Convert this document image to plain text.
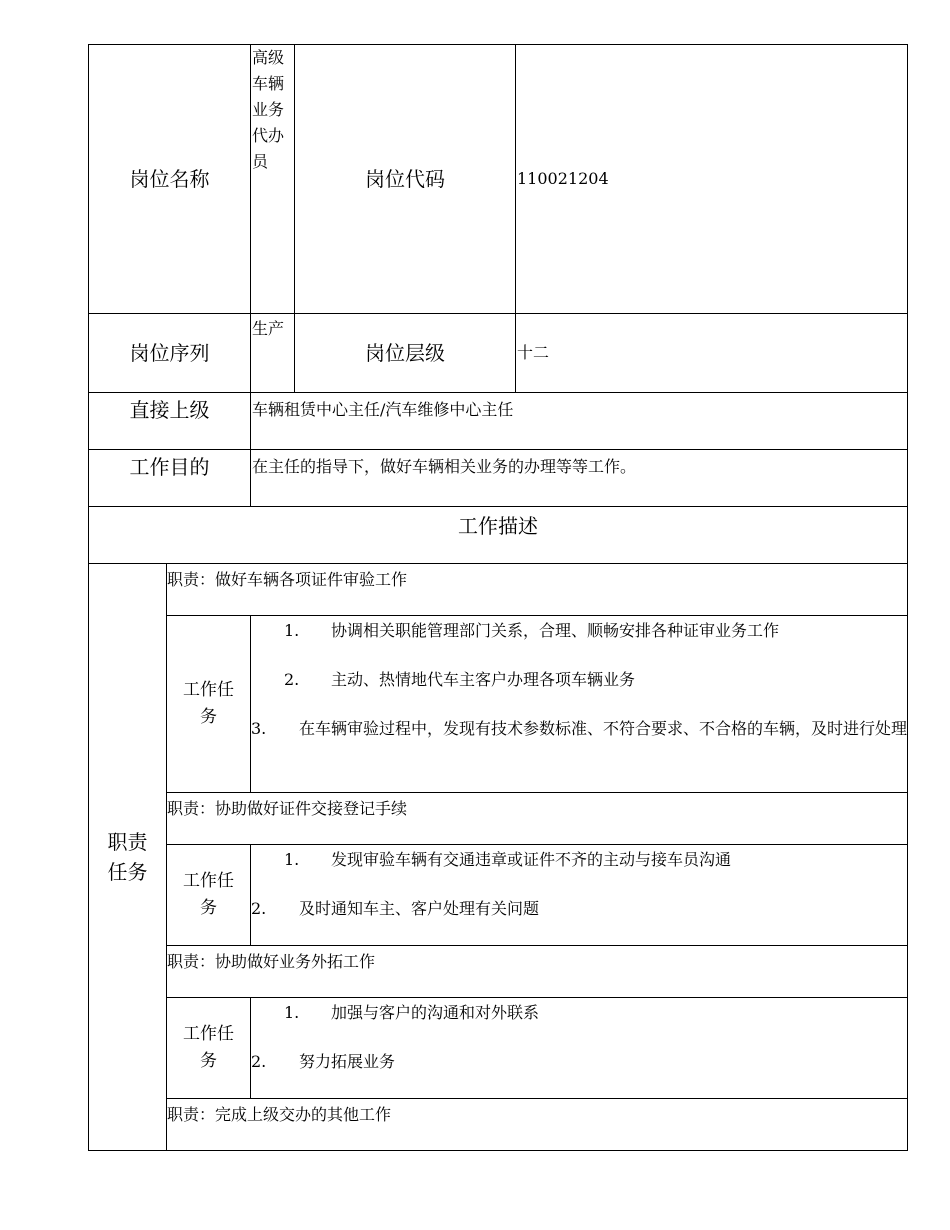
岗位名称		高级车辆业务代办员	岗位代码	110021204
岗位序列		生产	岗位层级	十二
直接上级		车辆租赁中心主任/汽车维修中心主任		
工作目的		在主任的指导下，做好车辆相关业务的办理等等工作。		
工作描述				
职责任务	职责：做好车辆各项证件审验工作			
	工作任务	1. 协调相关职能管理部门关系，合理、顺畅安排各种证审业务工作
2. 主动、热情地代车主客户办理各项车辆业务
3. 在车辆审验过程中，发现有技术参数标准、不符合要求、不合格的车辆，及时进行处理		

	职责：协助做好证件交接登记手续			
	工作任务	1. 发现审验车辆有交通违章或证件不齐的主动与接车员沟通
2. 及时通知车主、客户处理有关问题		

	职责：协助做好业务外拓工作			
	工作任务	1. 加强与客户的沟通和对外联系
2. 努力拓展业务		

	职责：完成上级交办的其他工作			
